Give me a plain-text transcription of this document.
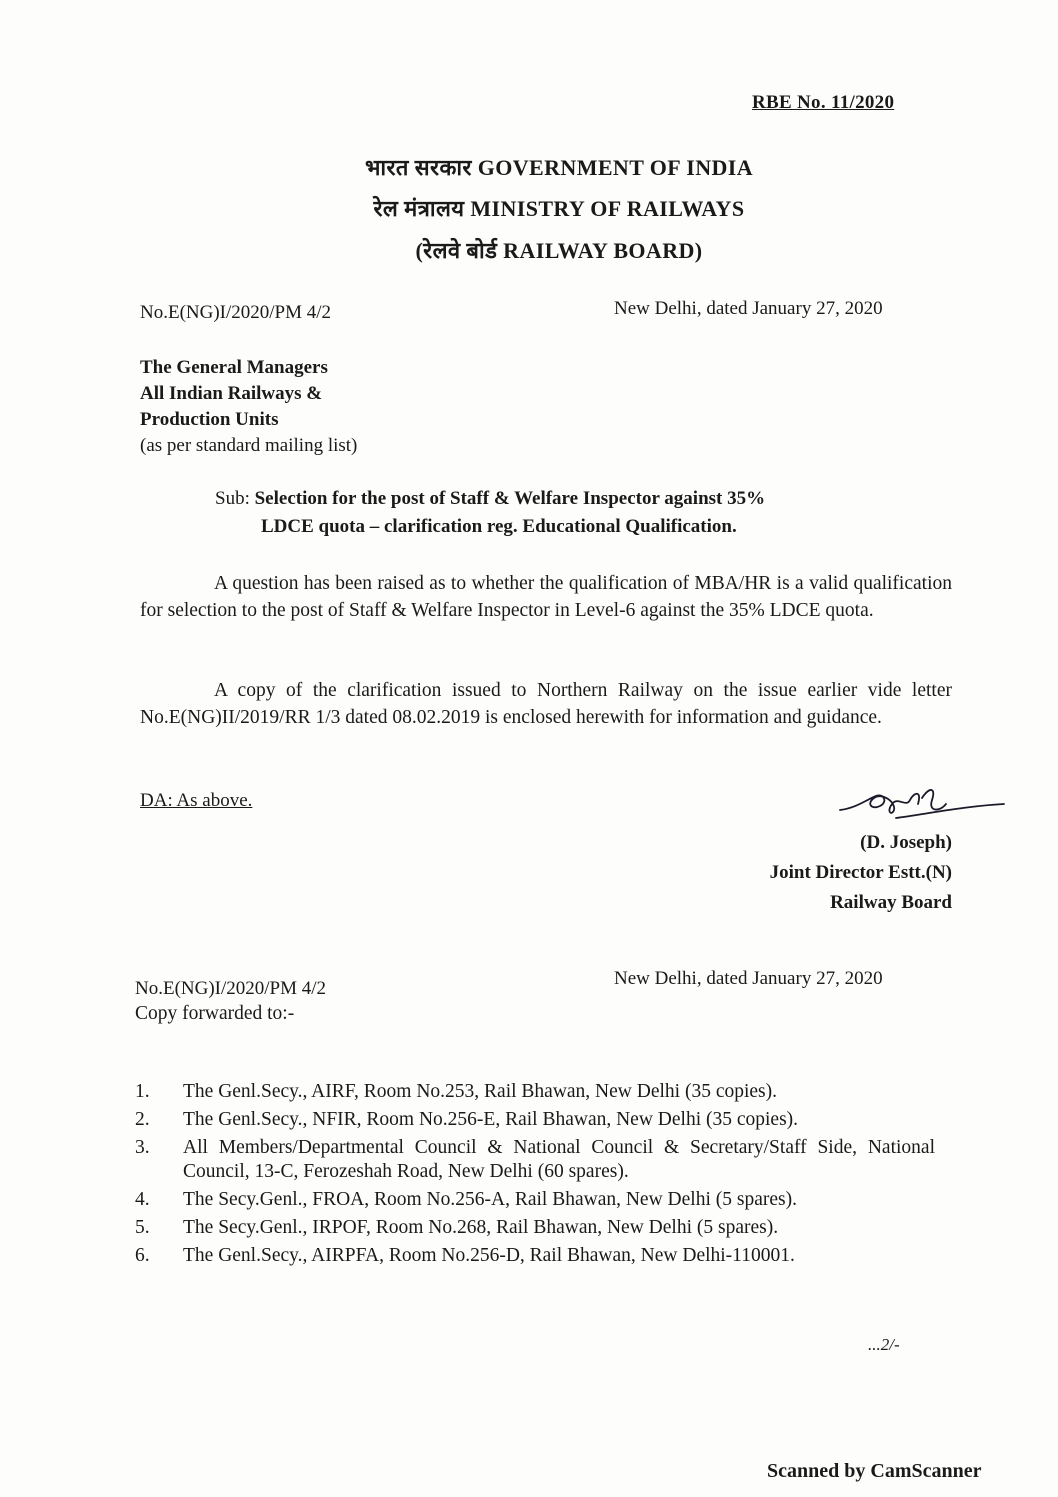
RBE No. 11/2020
भारत सरकार GOVERNMENT OF INDIA
रेल मंत्रालय MINISTRY OF RAILWAYS
(रेलवे बोर्ड RAILWAY BOARD)
No.E(NG)I/2020/PM 4/2	New Delhi, dated January 27, 2020
The General Managers
All Indian Railways &
Production Units
(as per standard mailing list)
Sub: Selection for the post of Staff & Welfare Inspector against 35%
LDCE quota – clarification reg. Educational Qualification.
A question has been raised as to whether the qualification of MBA/HR is a valid qualification for selection to the post of Staff & Welfare Inspector in Level-6 against the 35% LDCE quota.
A copy of the clarification issued to Northern Railway on the issue earlier vide letter No.E(NG)II/2019/RR 1/3 dated 08.02.2019 is enclosed herewith for information and guidance.
DA: As above.
(D. Joseph)
Joint Director Estt.(N)
Railway Board
No.E(NG)I/2020/PM 4/2	New Delhi, dated January 27, 2020
Copy forwarded to:-
1.	The Genl.Secy., AIRF, Room No.253, Rail Bhawan, New Delhi (35 copies).
2.	The Genl.Secy., NFIR, Room No.256-E, Rail Bhawan, New Delhi (35 copies).
3.	All Members/Departmental Council & National Council & Secretary/Staff Side, National Council, 13-C, Ferozeshah Road, New Delhi (60 spares).
4.	The Secy.Genl., FROA, Room No.256-A, Rail Bhawan, New Delhi (5 spares).
5.	The Secy.Genl., IRPOF, Room No.268, Rail Bhawan, New Delhi (5 spares).
6.	The Genl.Secy., AIRPFA, Room No.256-D, Rail Bhawan, New Delhi-110001.
...2/-
Scanned by CamScanner
